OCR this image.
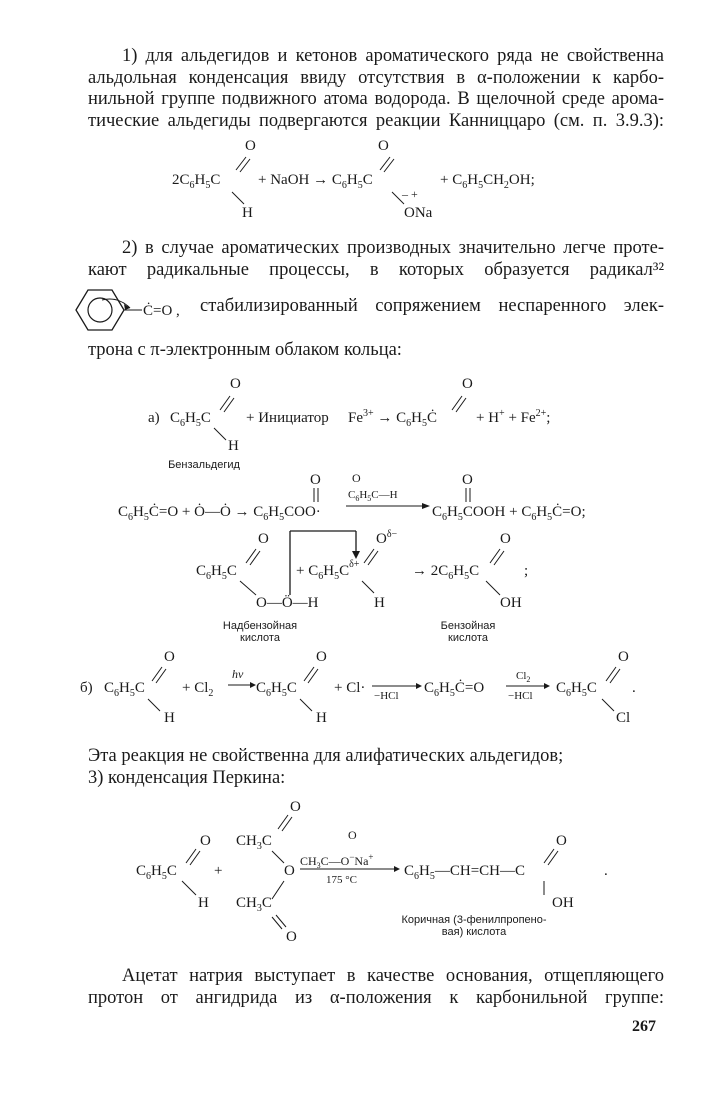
1) для альдегидов и кетонов ароматического ряда не свойственна
альдольная конденсация ввиду отсутствия в α-положении к карбо-
нильной группе подвижного атома водорода. В щелочной среде арома-
тические альдегиды подвергаются реакции Канниццаро (см. п. 3.9.3):
O
$2C_6H_5C$
H
+ NaOH → $C_6H_5C$
O
– +
ONa
+ $C_6H_5CH_2OH$;
2) в случае ароматических производных значительно легче проте-
кают радикальные процессы, в которых образуется радикал³²
Ċ=O , стабилизированный сопряжением неспаренного элек-
трона с π-электронным облаком кольца:
O
а) $C_6H_5C$
H
+ Инициатор $Fe^{3+}$ → $C_6H_5Ċ$
O
+ $H^+ + Fe^{2+}$;
Бензальдегид
$C_6H_5Ċ=O$ + Ȯ—Ȯ → $C_6H_5COO\cdot$
O	O
$C_6H_5C—H$
$C_6H_5COOH$ + $C_6H_5Ċ=O$;
O
O
$C_6H_5C$
O—Ö—H
+ $C_6H_5C^{\delta+}$
$O^{\delta-}$
H
→ $2C_6H_5C$
O
OH
;
Надбензойная
кислота
Бензойная
кислота
б)
O
$C_6H_5C$
H
+ $Cl_2$
hν
$C_6H_5C$
O
H
+ Cl· −HCl $C_6H_5Ċ=O$
$Cl_2$
−HCl $C_6H_5C$
O
Cl
.
Эта реакция не свойственна для алифатических альдегидов;
3) конденсация Перкина:
O
$C_6H_5C$
H
+
$CH_3C$
O
O
$CH_3C$
O
O
$CH_3C—O^-Na^+$
175 °С
$C_6H_5—CH=CH—C$
O
OH
.
Коричная (3-фенилпропено-
вая) кислота
Ацетат натрия выступает в качестве основания, отщепляющего
протон от ангидрида из α-положения к карбонильной группе:
267
